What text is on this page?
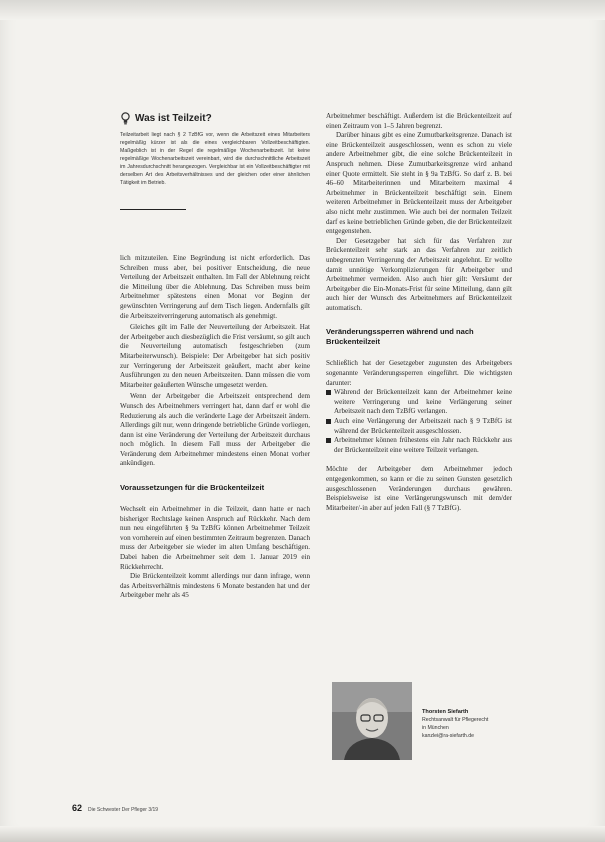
Was ist Teilzeit?

Teilzeitarbeit liegt nach § 2 TzBfG vor, wenn die Arbeitszeit eines Mitarbeiters regelmäßig kürzer ist als die eines vergleichbaren Vollzeitbeschäftigten. Maßgeblich ist in der Regel die regelmäßige Wochenarbeitszeit. Ist keine regelmäßige Wochenarbeitszeit vereinbart, wird die durchschnittliche Arbeitszeit im Jahresdurchschnitt herangezogen. Vergleichbar ist ein Vollzeitbeschäftigter mit derselben Art des Arbeitsverhältnisses und der gleichen oder einer ähnlichen Tätigkeit im Betrieb.

lich mitzuteilen. Eine Begründung ist nicht erforderlich. Das Schreiben muss aber, bei positiver Entscheidung, die neue Verteilung der Arbeitszeit enthalten. Im Fall der Ablehnung reicht die Mitteilung über die Ablehnung. Das Schreiben muss beim Arbeitnehmer spätestens einen Monat vor Beginn der gewünschten Verringerung auf dem Tisch liegen. Andernfalls gilt die Arbeitszeitverringerung automatisch als genehmigt.

Gleiches gilt im Falle der Neuverteilung der Arbeitszeit. Hat der Arbeitgeber auch diesbezüglich die Frist versäumt, so gilt auch die Neuverteilung automatisch festgeschrieben (zum Mitarbeiterwunsch). Beispiele: Der Arbeitgeber hat sich positiv zur Verringerung der Arbeitszeit geäußert, macht aber keine Ausführungen zu den neuen Arbeitszeiten. Dann müssen die vom Mitarbeiter geäußerten Wünsche umgesetzt werden.

Wenn der Arbeitgeber die Arbeitszeit entsprechend dem Wunsch des Arbeitnehmers verringert hat, dann darf er wohl die Reduzierung als auch die veränderte Lage der Arbeitszeit ändern. Allerdings gilt nur, wenn dringende betriebliche Gründe vorliegen, dann ist eine Veränderung der Verteilung der Arbeitszeit durchaus noch möglich. In diesem Fall muss der Arbeitgeber die Veränderung dem Arbeitnehmer mindestens einen Monat vorher ankündigen.

Voraussetzungen für die Brückenteilzeit

Wechselt ein Arbeitnehmer in die Teilzeit, dann hatte er nach bisheriger Rechtslage keinen Anspruch auf Rückkehr. Nach dem nun neu eingeführten § 9a TzBfG können Arbeitnehmer Teilzeit von vornherein auf einen bestimmten Zeitraum begrenzen. Danach muss der Arbeitgeber sie wieder im alten Umfang beschäftigen. Dabei haben die Arbeitnehmer seit dem 1. Januar 2019 ein Rückkehrrecht.

Die Brückenteilzeit kommt allerdings nur dann infrage, wenn das Arbeitsverhältnis mindestens 6 Monate bestanden hat und der Arbeitgeber mehr als 45

Arbeitnehmer beschäftigt. Außerdem ist die Brückenteilzeit auf einen Zeitraum von 1–5 Jahren begrenzt.

Darüber hinaus gibt es eine Zumutbarkeitsgrenze. Danach ist eine Brückenteilzeit ausgeschlossen, wenn es schon zu viele andere Arbeitnehmer gibt, die eine solche Brückenteilzeit in Anspruch nehmen. Diese Zumutbarkeitsgrenze wird anhand einer Quote ermittelt. Sie steht in § 9a TzBfG. So darf z. B. bei 46–60 Mitarbeiterinnen und Mitarbeitern maximal 4 Arbeitnehmer in Brückenteilzeit beschäftigt sein. Einem weiteren Arbeitnehmer in Brückenteilzeit muss der Arbeitgeber also nicht mehr zustimmen. Wie auch bei der normalen Teilzeit darf es keine betrieblichen Gründe geben, die der Brückenteilzeit entgegenstehen.

Der Gesetzgeber hat sich für das Verfahren zur Brückenteilzeit sehr stark an das Verfahren zur zeitlich unbegrenzten Verringerung der Arbeitszeit angelehnt. Er wollte damit unnötige Verkomplizierungen für Arbeitgeber und Arbeitnehmer vermeiden. Also auch hier gilt: Versäumt der Arbeitgeber die Ein-Monats-Frist für seine Mitteilung, dann gilt auch hier der Wunsch des Arbeitnehmers auf Brückenteilzeit automatisch.

Veränderungssperren während und nach Brückenteilzeit

Schließlich hat der Gesetzgeber zugunsten des Arbeitgebers sogenannte Veränderungssperren eingeführt. Die wichtigsten darunter:

Während der Brückenteilzeit kann der Arbeitnehmer keine weitere Verringerung und keine Verlängerung seiner Arbeitszeit nach dem TzBfG verlangen.

Auch eine Verlängerung der Arbeitszeit nach § 9 TzBfG ist während der Brückenteilzeit ausgeschlossen.

Arbeitnehmer können frühestens ein Jahr nach Rückkehr aus der Brückenteilzeit eine weitere Teilzeit verlangen.

Möchte der Arbeitgeber dem Arbeitnehmer jedoch entgegenkommen, so kann er die zu seinen Gunsten gesetzlich ausgeschlossenen Veränderungen durchaus gewähren. Beispielsweise ist eine Verlängerungswunsch mit dem/der Mitarbeiter/-in aber auf jeden Fall (§ 7 TzBfG).

Thorsten Siefarth
Rechtsanwalt für Pflegerecht
in München
kanzlei@ra-siefarth.de
62 Die Schwester Der Pfleger 3/19
